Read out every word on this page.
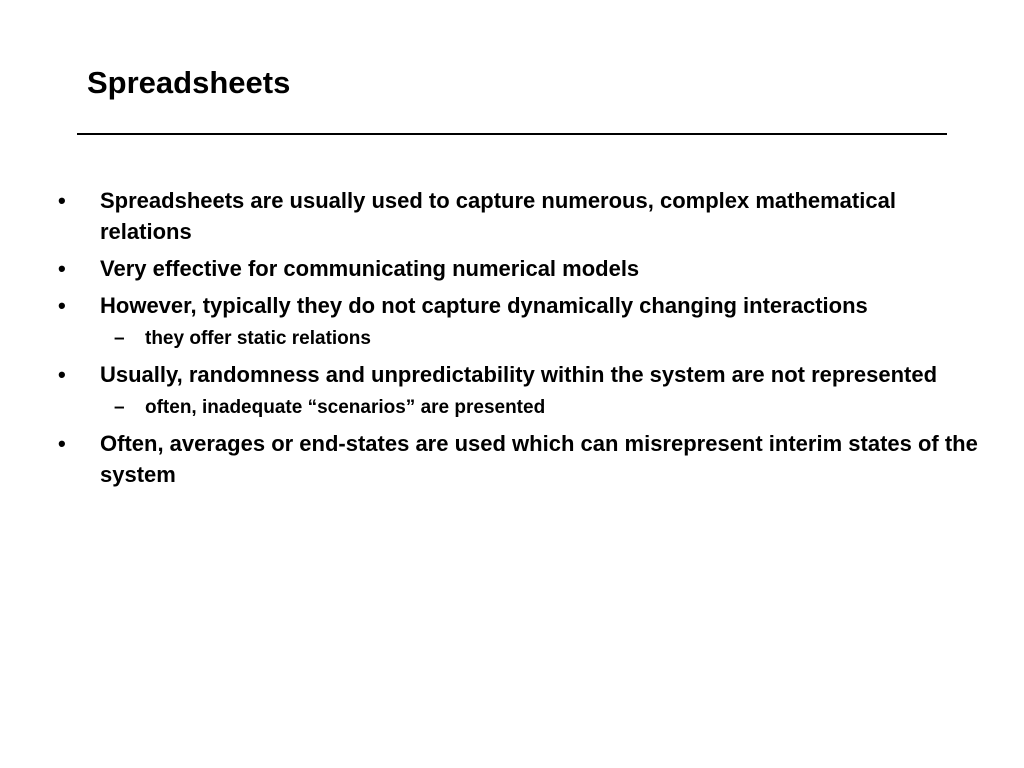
Spreadsheets
•	Spreadsheets are usually used to capture numerous, complex mathematical relations
•	Very effective for communicating numerical models
•	However, typically they do not capture dynamically changing interactions
– they offer static relations
•	Usually, randomness and unpredictability within the system are not represented
– often, inadequate “scenarios” are presented
•	Often, averages or end-states are used which can misrepresent interim states of the system
